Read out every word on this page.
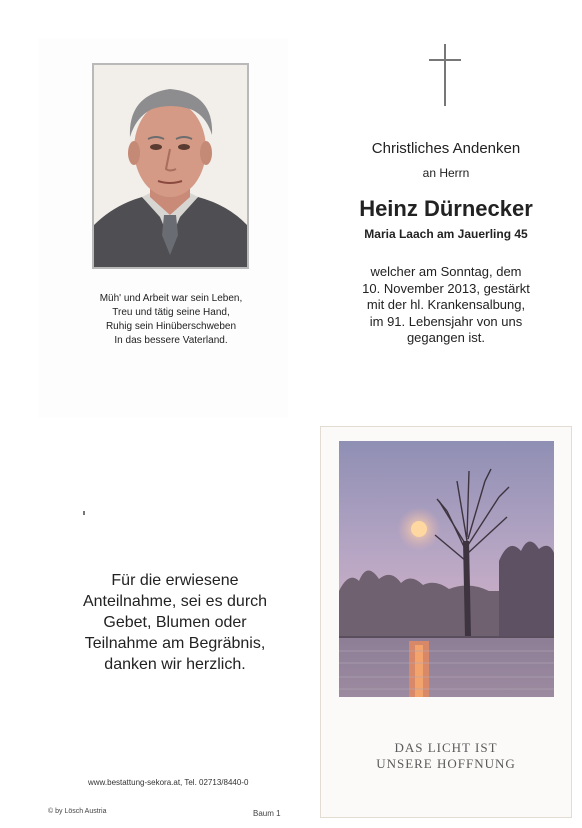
Müh' und Arbeit war sein Leben,
Treu und tätig seine Hand,
Ruhig sein Hinüberschweben
In das bessere Vaterland.
Christliches Andenken
an Herrn
Heinz Dürnecker
Maria Laach am Jauerling 45
welcher am Sonntag, dem
10. November 2013, gestärkt
mit der hl. Krankensalbung,
im 91. Lebensjahr von uns
gegangen ist.
Für die erwiesene
Anteilnahme, sei es durch
Gebet, Blumen oder
Teilnahme am Begräbnis,
danken wir herzlich.
www.bestattung-sekora.at, Tel. 02713/8440-0
© by Lösch Austria	Baum 1
DAS LICHT IST
UNSERE HOFFNUNG
